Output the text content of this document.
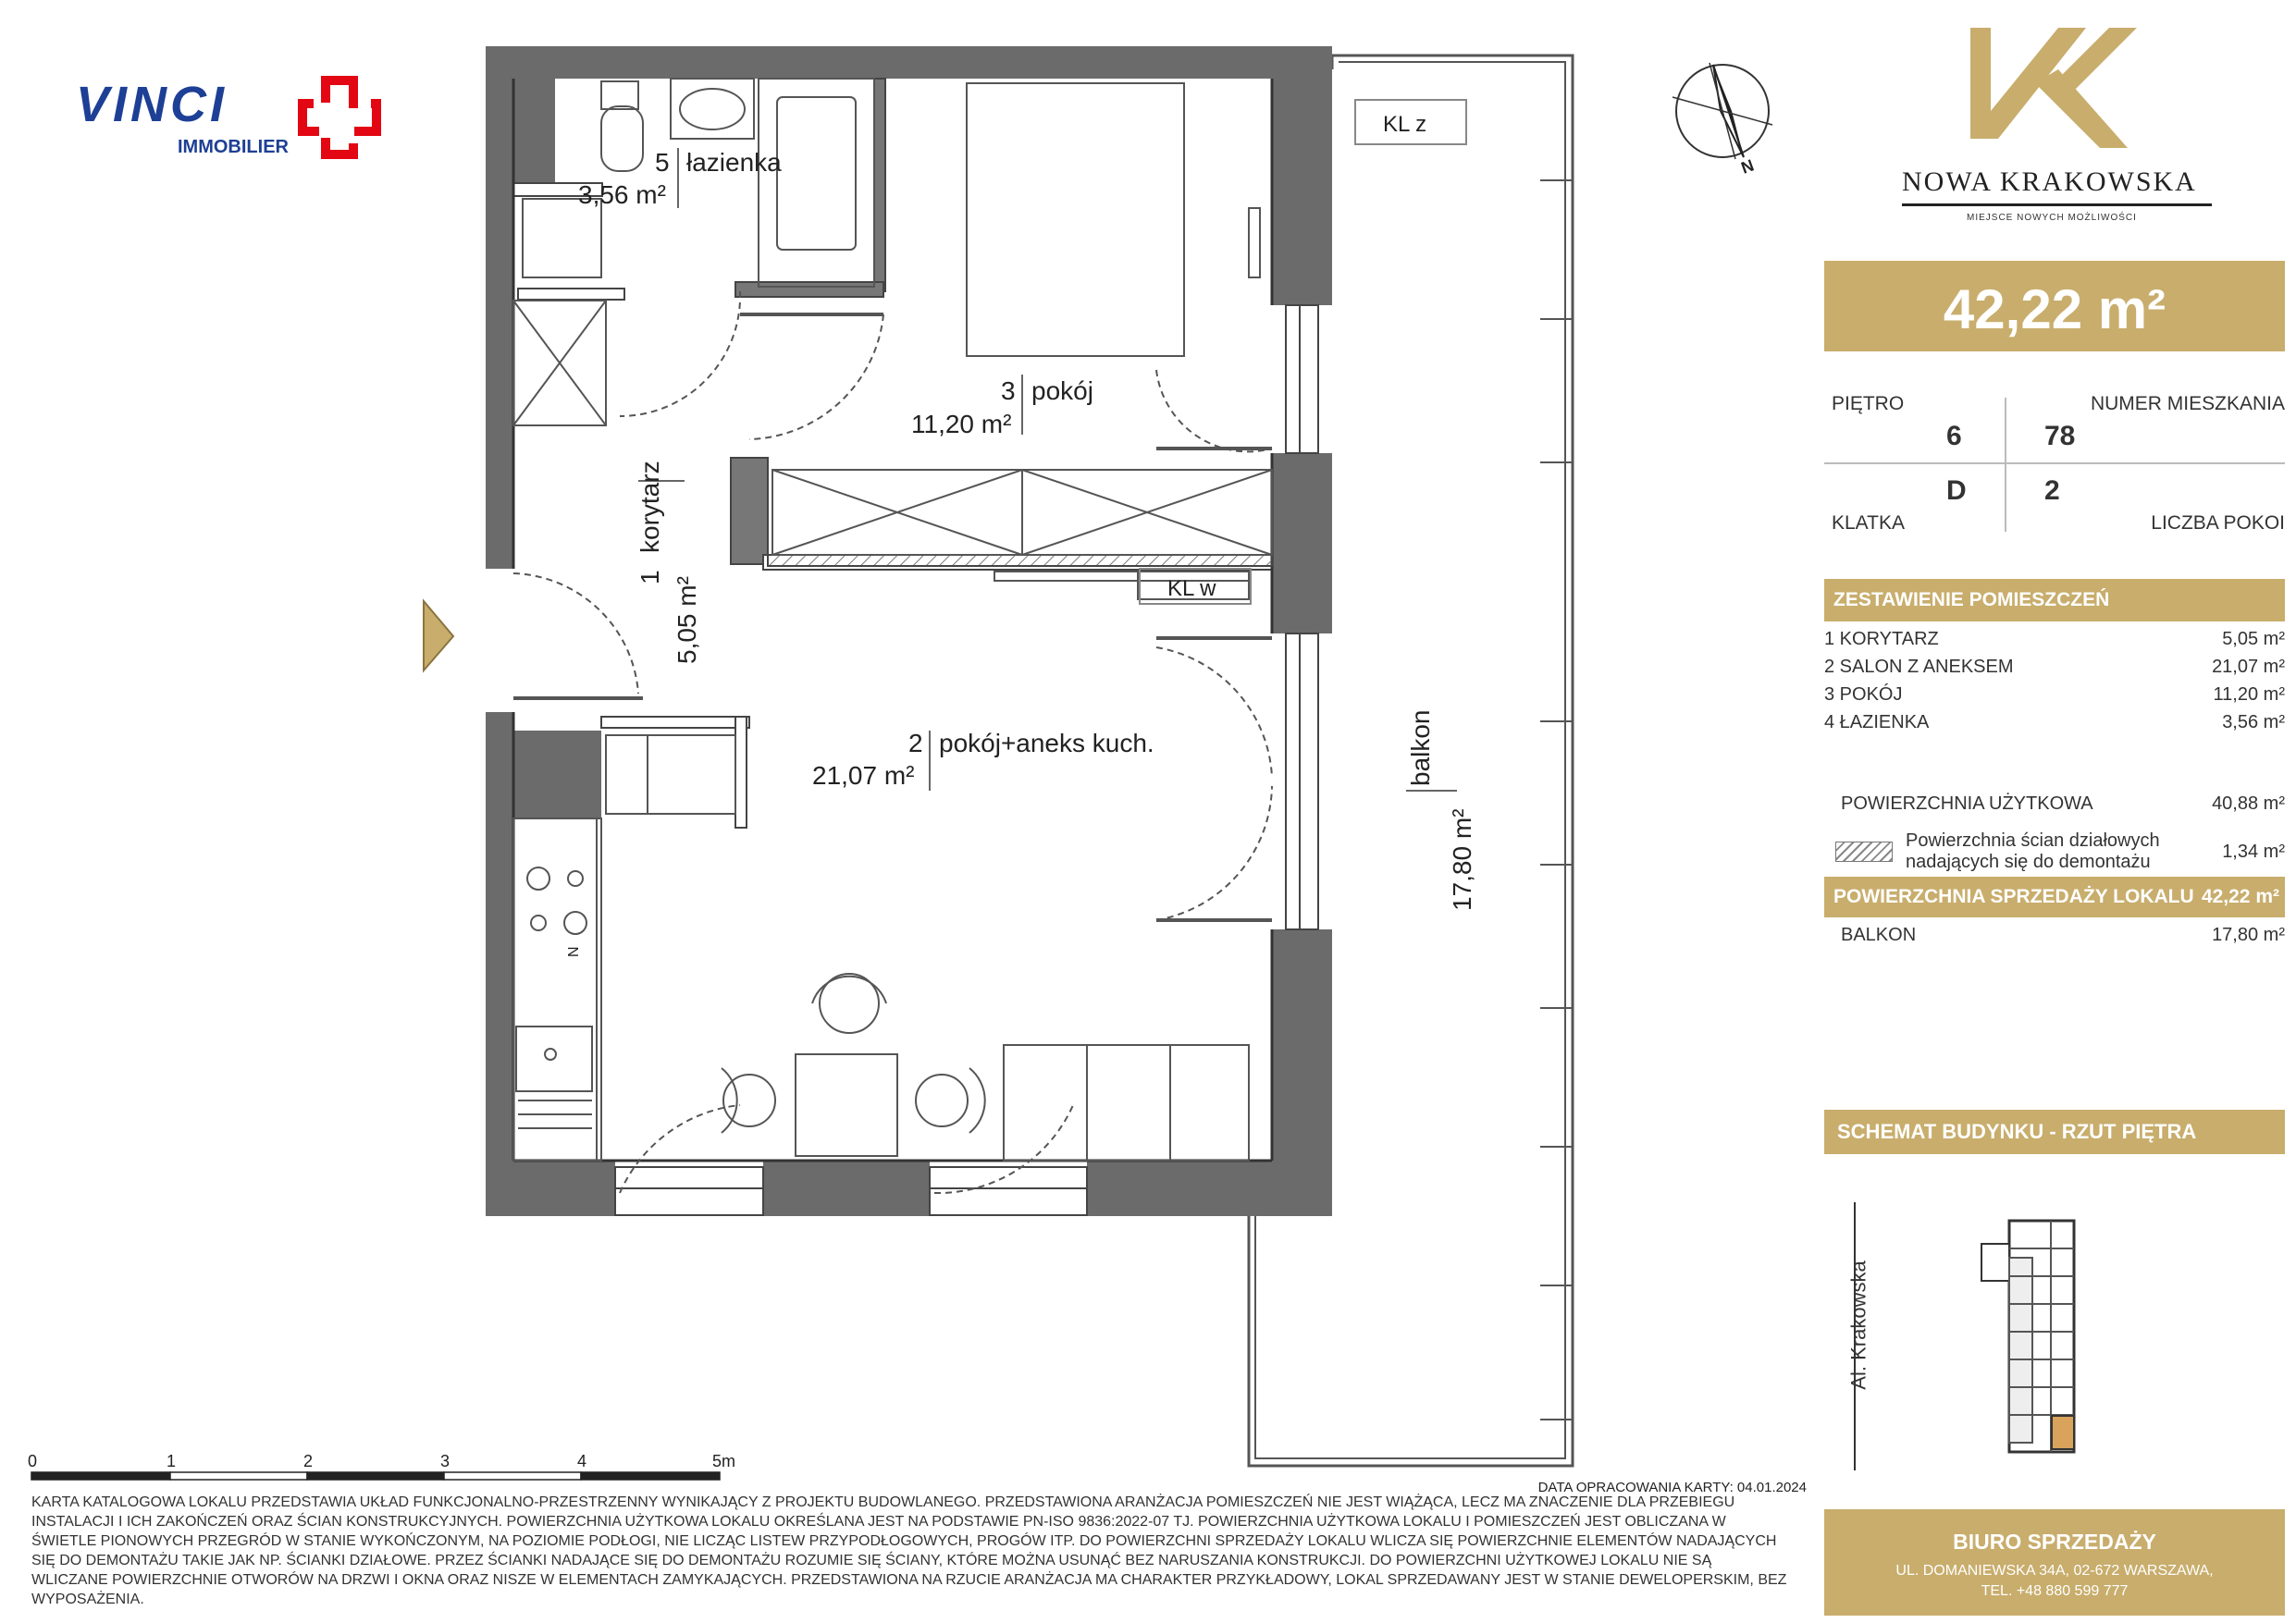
5 łazienka
3,56 m²
3 pokój
11,20 m²
1
korytarz
5,05 m²
2 pokój+aneks kuch.
21,07 m²	balkon
17,80 m²
KL z
KL w
N
N
0	1	2	3	4	5m
DATA OPRACOWANIA KARTY: 04.01.2024
VINCI
IMMOBILIER
NOWA KRAKOWSKA
MIEJSCE NOWYCH MOŻLIWOŚCI
42,22 m²
PIĘTRO
6
NUMER MIESZKANIA
78
D
KLATKA
2
LICZBA POKOI
ZESTAWIENIE POMIESZCZEŃ
1 KORYTARZ	5,05 m²
2 SALON Z ANEKSEM	21,07 m²
3 POKÓJ	11,20 m²
4 ŁAZIENKA	3,56 m²
POWIERZCHNIA UŻYTKOWA	40,88 m²
Powierzchnia ścian działowych
nadających się do demontażu	1,34 m²
POWIERZCHNIA SPRZEDAŻY LOKALU 42,22 m²
BALKON	17,80 m²
SCHEMAT BUDYNKU - RZUT PIĘTRA
Al. Krakowska
BIURO SPRZEDAŻY
UL. DOMANIEWSKA 34A, 02-672 WARSZAWA,
TEL. +48 880 599 777
KARTA KATALOGOWA LOKALU PRZEDSTAWIA UKŁAD FUNKCJONALNO-PRZESTRZENNY WYNIKAJĄCY Z PROJEKTU BUDOWLANEGO. PRZEDSTAWIONA ARANŻACJA POMIESZCZEŃ NIE JEST WIĄŻĄCA, LECZ MA ZNACZENIE DLA PRZEBIEGU INSTALACJI I ICH ZAKOŃCZEŃ ORAZ ŚCIAN KONSTRUKCYJNYCH. POWIERZCHNIA UŻYTKOWA LOKALU OKREŚLANA JEST NA PODSTAWIE PN-ISO 9836:2022-07 TJ. POWIERZCHNIA UŻYTKOWA LOKALU I POMIESZCZEŃ JEST OBLICZANA W ŚWIETLE PIONOWYCH PRZEGRÓD W STANIE WYKOŃCZONYM, NA POZIOMIE PODŁOGI, NIE LICZĄC LISTEW PRZYPODŁOGOWYCH, PROGÓW ITP. DO POWIERZCHNI SPRZEDAŻY LOKALU WLICZA SIĘ POWIERZCHNIE ELEMENTÓW NADAJĄCYCH SIĘ DO DEMONTAŻU TAKIE JAK NP. ŚCIANKI DZIAŁOWE. PRZEZ ŚCIANKI NADAJĄCE SIĘ DO DEMONTAŻU ROZUMIE SIĘ ŚCIANY, KTÓRE MOŻNA USUNĄĆ BEZ NARUSZANIA KONSTRUKCJI. DO POWIERZCHNI UŻYTKOWEJ LOKALU NIE SĄ WLICZANE POWIERZCHNIE OTWORÓW NA DRZWI I OKNA ORAZ NISZE W ELEMENTACH ZAMYKAJĄCYCH. PRZEDSTAWIONA NA RZUCIE ARANŻACJA MA CHARAKTER PRZYKŁADOWY, LOKAL SPRZEDAWANY JEST W STANIE DEWELOPERSKIM, BEZ WYPOSAŻENIA.
